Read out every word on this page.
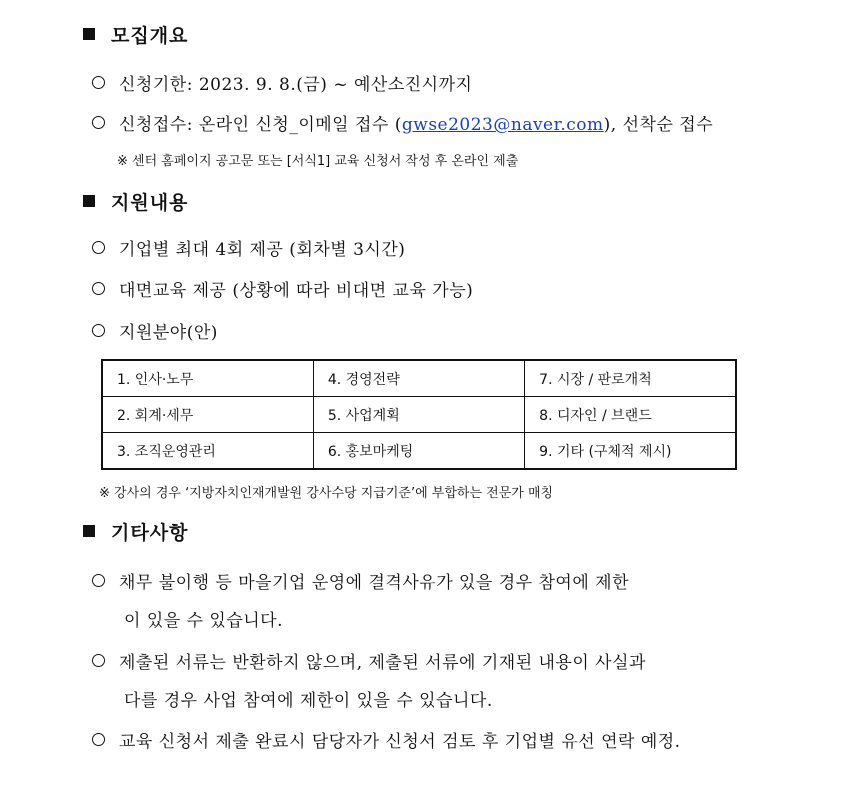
모집개요
신청기한: 2023. 9. 8.(금) ~ 예산소진시까지
신청접수: 온라인 신청_이메일 접수 (gwse2023@naver.com), 선착순 접수
※ 센터 홈페이지 공고문 또는 [서식1] 교육 신청서 작성 후 온라인 제출
지원내용
기업별 최대 4회 제공 (회차별 3시간)
대면교육 제공 (상황에 따라 비대면 교육 가능)
지원분야(안)
1. 인사·노무	4. 경영전략	7. 시장 / 판로개척
2. 회계·세무	5. 사업계획	8. 디자인 / 브랜드
3. 조직운영관리	6. 홍보마케팅	9. 기타 (구체적 제시)
※ 강사의 경우 ‘지방자치인재개발원 강사수당 지급기준’에 부합하는 전문가 매칭
기타사항
채무 불이행 등 마을기업 운영에 결격사유가 있을 경우 참여에 제한
이 있을 수 있습니다.
제출된 서류는 반환하지 않으며, 제출된 서류에 기재된 내용이 사실과
다를 경우 사업 참여에 제한이 있을 수 있습니다.
교육 신청서 제출 완료시 담당자가 신청서 검토 후 기업별 유선 연락 예정.
